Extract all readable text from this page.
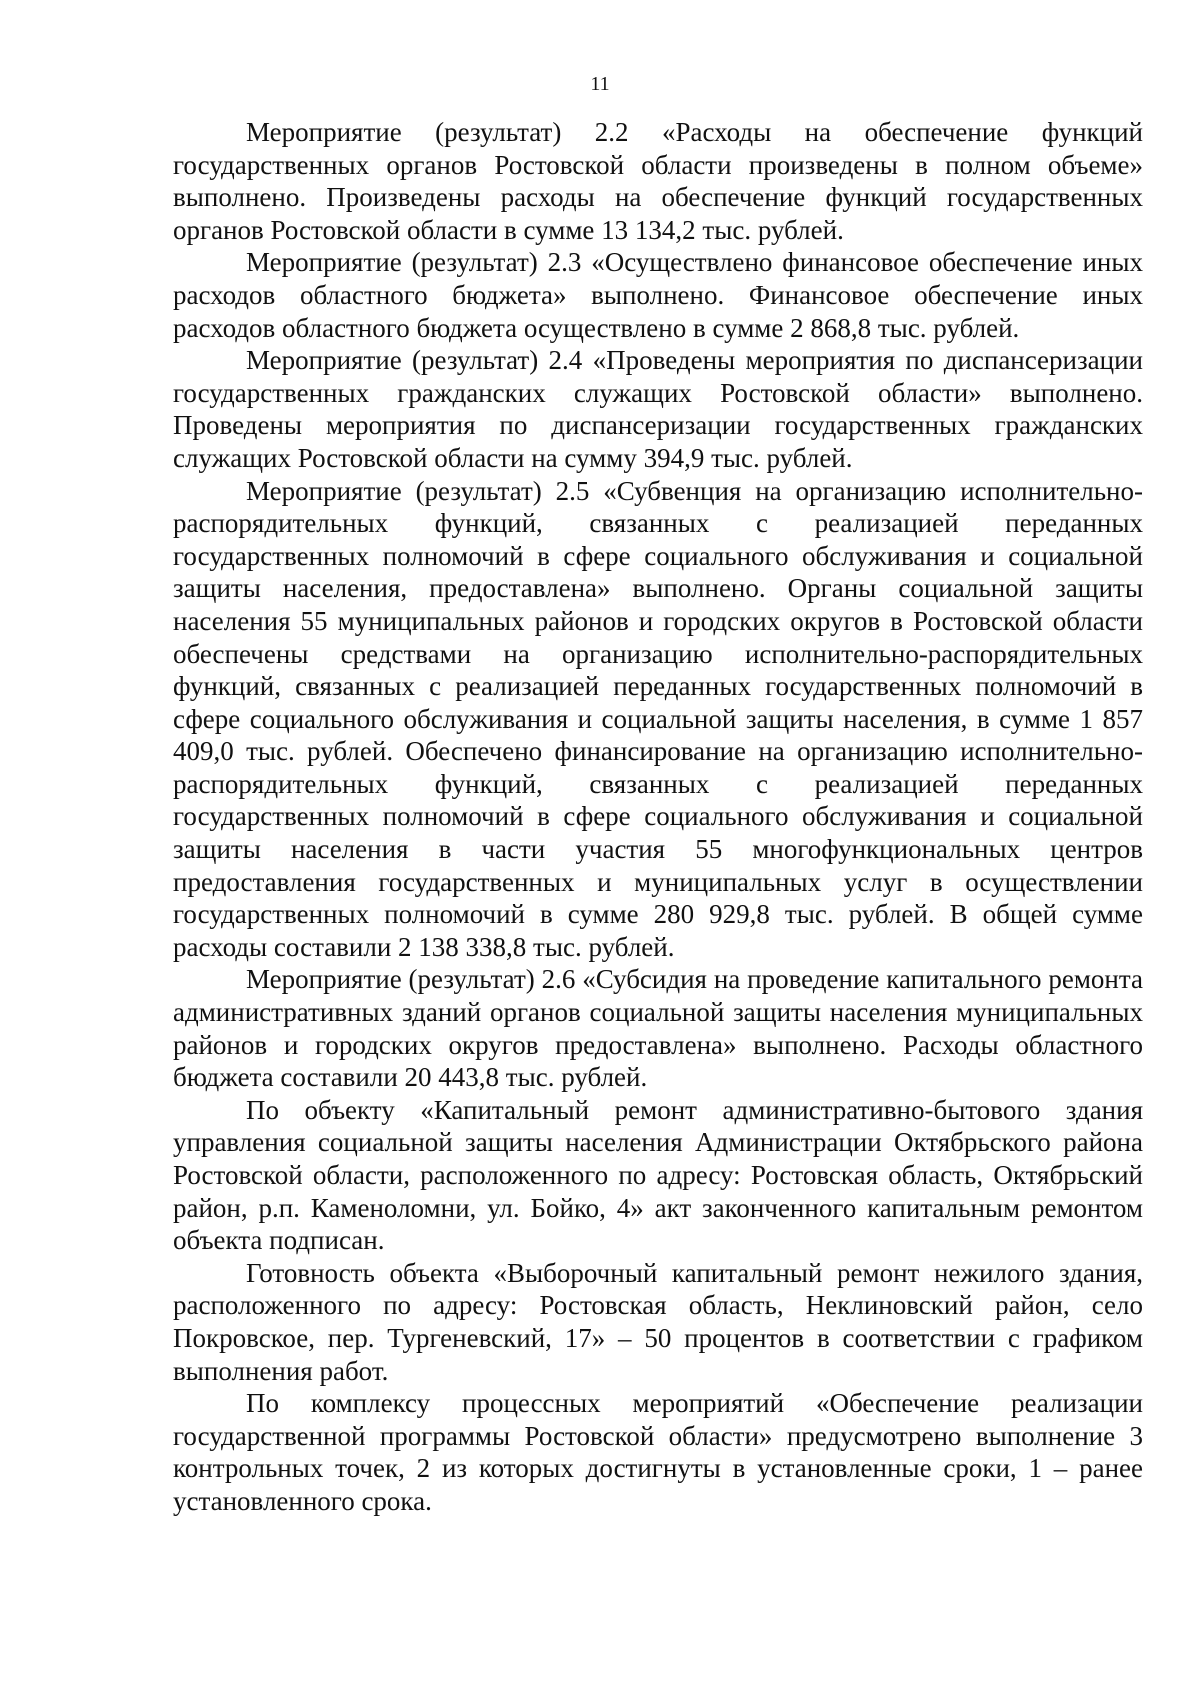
11

Мероприятие (результат) 2.2 «Расходы на обеспечение функций государственных органов Ростовской области произведены в полном объеме» выполнено. Произведены расходы на обеспечение функций государственных органов Ростовской области в сумме 13 134,2 тыс. рублей.

Мероприятие (результат) 2.3 «Осуществлено финансовое обеспечение иных расходов областного бюджета» выполнено. Финансовое обеспечение иных расходов областного бюджета осуществлено в сумме 2 868,8 тыс. рублей.

Мероприятие (результат) 2.4 «Проведены мероприятия по диспансеризации государственных гражданских служащих Ростовской области» выполнено. Проведены мероприятия по диспансеризации государственных гражданских служащих Ростовской области на сумму 394,9 тыс. рублей.

Мероприятие (результат) 2.5 «Субвенция на организацию исполнительно-распорядительных функций, связанных с реализацией переданных государственных полномочий в сфере социального обслуживания и социальной защиты населения, предоставлена» выполнено. Органы социальной защиты населения 55 муниципальных районов и городских округов в Ростовской области обеспечены средствами на организацию исполнительно-распорядительных функций, связанных с реализацией переданных государственных полномочий в сфере социального обслуживания и социальной защиты населения, в сумме 1 857 409,0 тыс. рублей. Обеспечено финансирование на организацию исполнительно-распорядительных функций, связанных с реализацией переданных государственных полномочий в сфере социального обслуживания и социальной защиты населения в части участия 55 многофункциональных центров предоставления государственных и муниципальных услуг в осуществлении государственных полномочий в сумме 280 929,8 тыс. рублей. В общей сумме расходы составили 2 138 338,8 тыс. рублей.

Мероприятие (результат) 2.6 «Субсидия на проведение капитального ремонта административных зданий органов социальной защиты населения муниципальных районов и городских округов предоставлена» выполнено. Расходы областного бюджета составили 20 443,8 тыс. рублей.

По объекту «Капитальный ремонт административно-бытового здания управления социальной защиты населения Администрации Октябрьского района Ростовской области, расположенного по адресу: Ростовская область, Октябрьский район, р.п. Каменоломни, ул. Бойко, 4» акт законченного капитальным ремонтом объекта подписан.

Готовность объекта «Выборочный капитальный ремонт нежилого здания, расположенного по адресу: Ростовская область, Неклиновский район, село Покровское, пер. Тургеневский, 17» – 50 процентов в соответствии с графиком выполнения работ.

По комплексу процессных мероприятий «Обеспечение реализации государственной программы Ростовской области» предусмотрено выполнение 3 контрольных точек, 2 из которых достигнуты в установленные сроки, 1 – ранее установленного срока.
